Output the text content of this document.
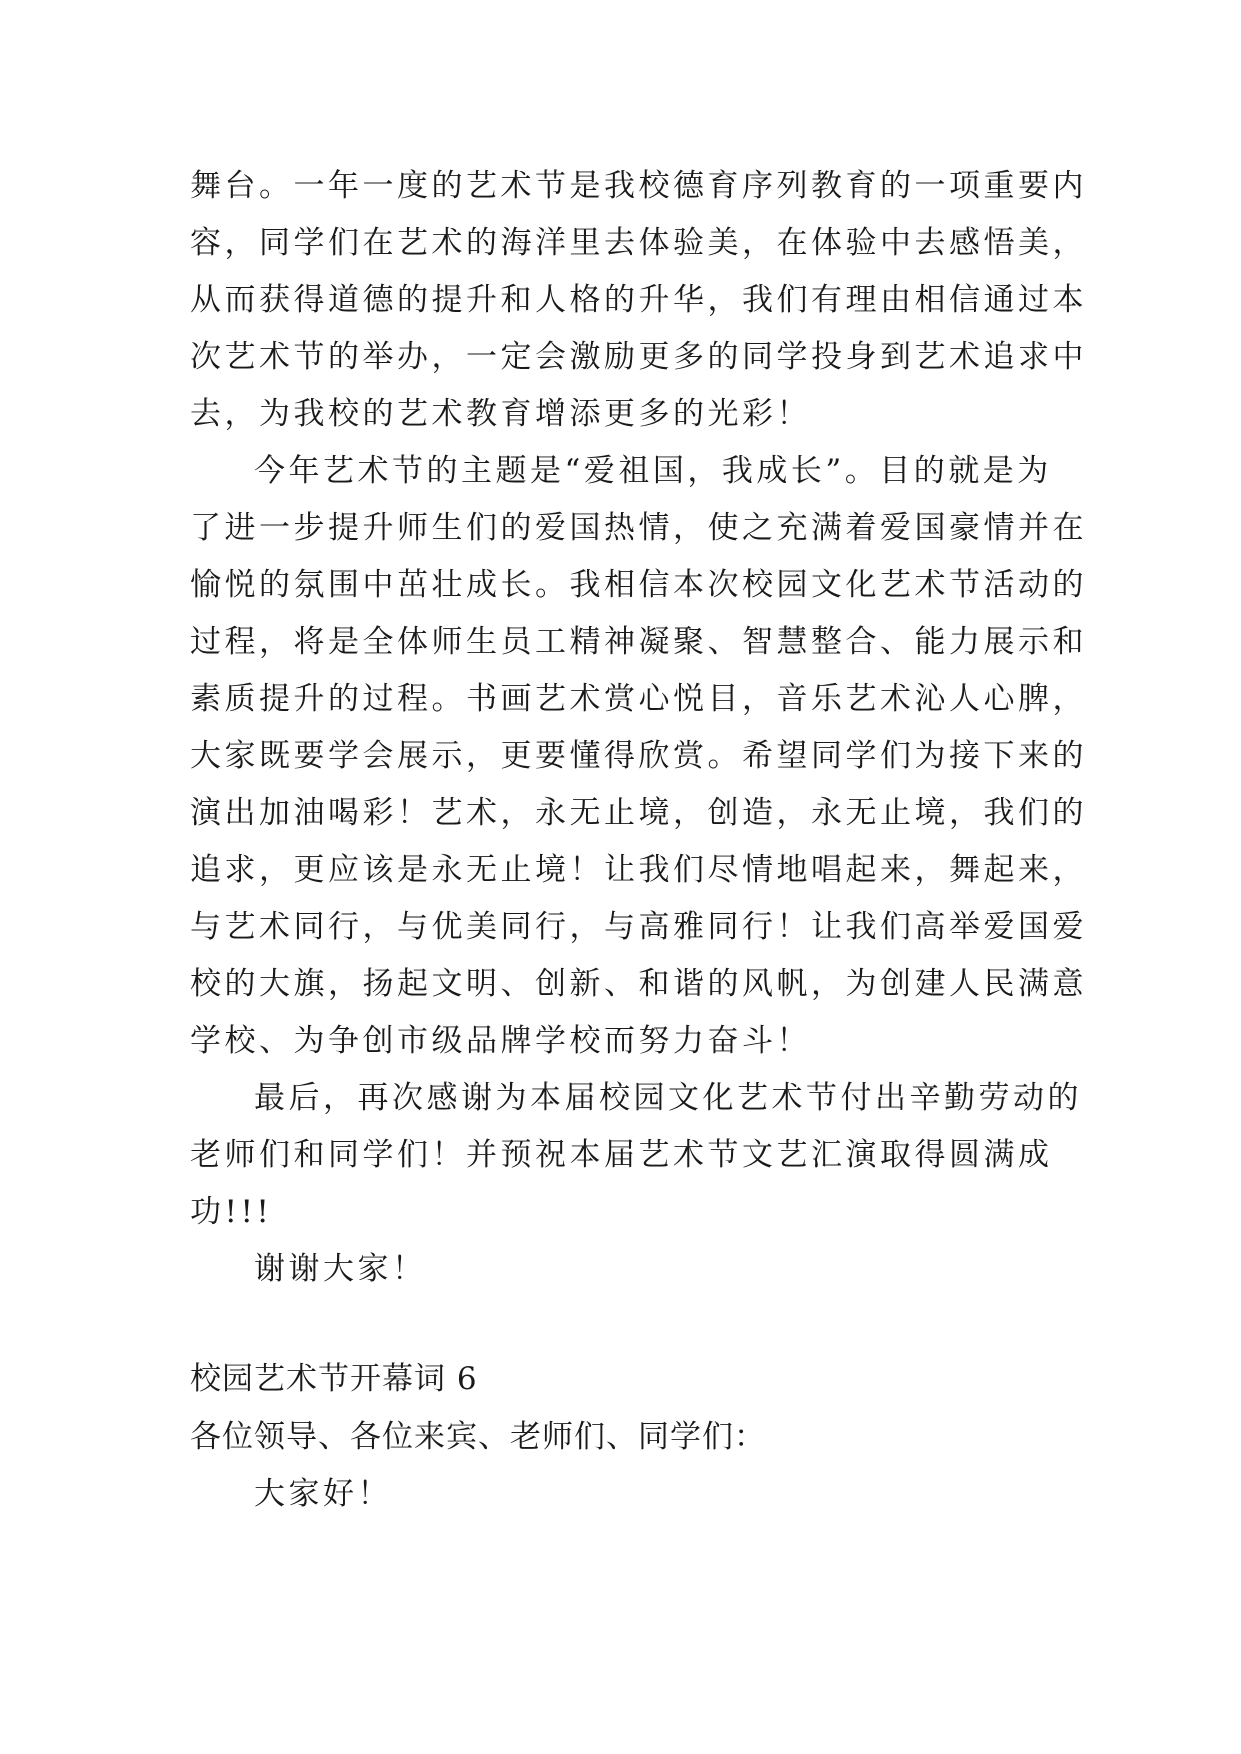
舞台。一年一度的艺术节是我校德育序列教育的一项重要内
容，同学们在艺术的海洋里去体验美，在体验中去感悟美，
从而获得道德的提升和人格的升华，我们有理由相信通过本
次艺术节的举办，一定会激励更多的同学投身到艺术追求中
去，为我校的艺术教育增添更多的光彩！
今年艺术节的主题是“爱祖国，我成长”。目的就是为
了进一步提升师生们的爱国热情，使之充满着爱国豪情并在
愉悦的氛围中茁壮成长。我相信本次校园文化艺术节活动的
过程，将是全体师生员工精神凝聚、智慧整合、能力展示和
素质提升的过程。书画艺术赏心悦目，音乐艺术沁人心脾，
大家既要学会展示，更要懂得欣赏。希望同学们为接下来的
演出加油喝彩！艺术，永无止境，创造，永无止境，我们的
追求，更应该是永无止境！让我们尽情地唱起来，舞起来，
与艺术同行，与优美同行，与高雅同行！让我们高举爱国爱
校的大旗，扬起文明、创新、和谐的风帆，为创建人民满意
学校、为争创市级品牌学校而努力奋斗！
最后，再次感谢为本届校园文化艺术节付出辛勤劳动的
老师们和同学们！并预祝本届艺术节文艺汇演取得圆满成
功!!!
谢谢大家！
校园艺术节开幕词 6
各位领导、各位来宾、老师们、同学们：
大家好！
